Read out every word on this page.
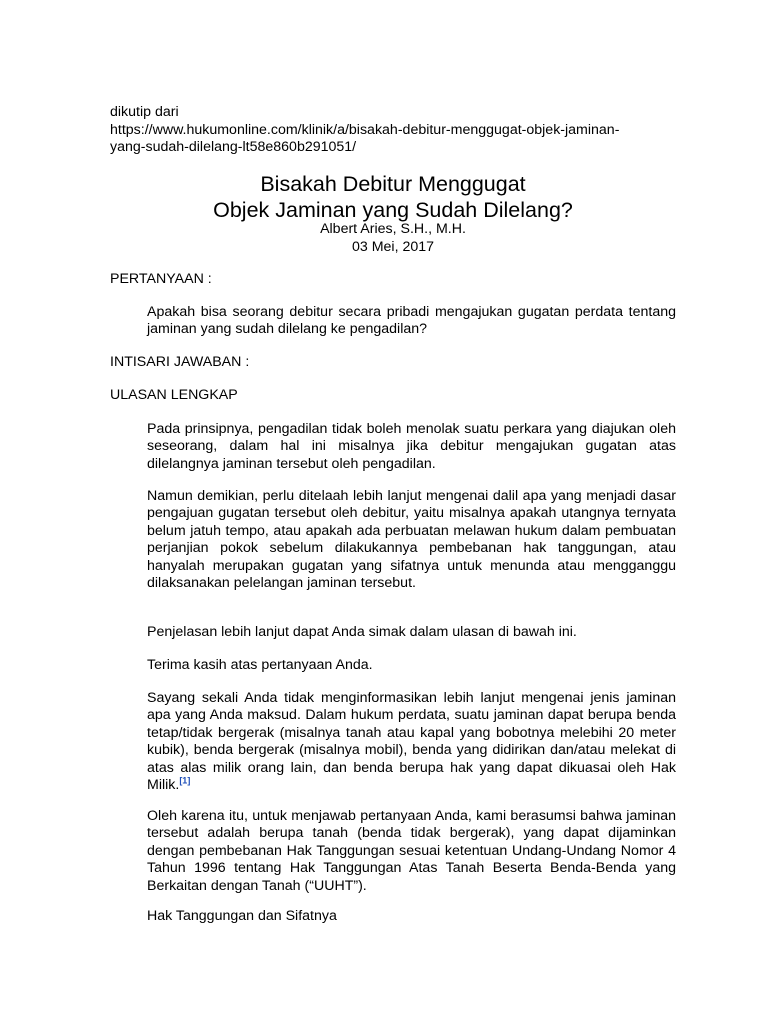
dikutip dari
https://www.hukumonline.com/klinik/a/bisakah-debitur-menggugat-objek-jaminan-
yang-sudah-dilelang-lt58e860b291051/
Bisakah Debitur Menggugat
Objek Jaminan yang Sudah Dilelang?
Albert Aries, S.H., M.H.
03 Mei, 2017
PERTANYAAN :
Apakah bisa seorang debitur secara pribadi mengajukan gugatan perdata tentang jaminan yang sudah dilelang ke pengadilan?
INTISARI JAWABAN :
ULASAN LENGKAP
Pada prinsipnya, pengadilan tidak boleh menolak suatu perkara yang diajukan oleh seseorang, dalam hal ini misalnya jika debitur mengajukan gugatan atas dilelangnya jaminan tersebut oleh pengadilan.
Namun demikian, perlu ditelaah lebih lanjut mengenai dalil apa yang menjadi dasar pengajuan gugatan tersebut oleh debitur, yaitu misalnya apakah utangnya ternyata belum jatuh tempo, atau apakah ada perbuatan melawan hukum dalam pembuatan perjanjian pokok sebelum dilakukannya pembebanan hak tanggungan, atau hanyalah merupakan gugatan yang sifatnya untuk menunda atau mengganggu dilaksanakan pelelangan jaminan tersebut.
Penjelasan lebih lanjut dapat Anda simak dalam ulasan di bawah ini.
Terima kasih atas pertanyaan Anda.
Sayang sekali Anda tidak menginformasikan lebih lanjut mengenai jenis jaminan apa yang Anda maksud. Dalam hukum perdata, suatu jaminan dapat berupa benda tetap/tidak bergerak (misalnya tanah atau kapal yang bobotnya melebihi 20 meter kubik), benda bergerak (misalnya mobil), benda yang didirikan dan/atau melekat di atas alas milik orang lain, dan benda berupa hak yang dapat dikuasai oleh Hak Milik.[1]
Oleh karena itu, untuk menjawab pertanyaan Anda, kami berasumsi bahwa jaminan tersebut adalah berupa tanah (benda tidak bergerak), yang dapat dijaminkan dengan pembebanan Hak Tanggungan sesuai ketentuan Undang-Undang Nomor 4 Tahun 1996 tentang Hak Tanggungan Atas Tanah Beserta Benda-Benda yang Berkaitan dengan Tanah (“UUHT”).
Hak Tanggungan dan Sifatnya
